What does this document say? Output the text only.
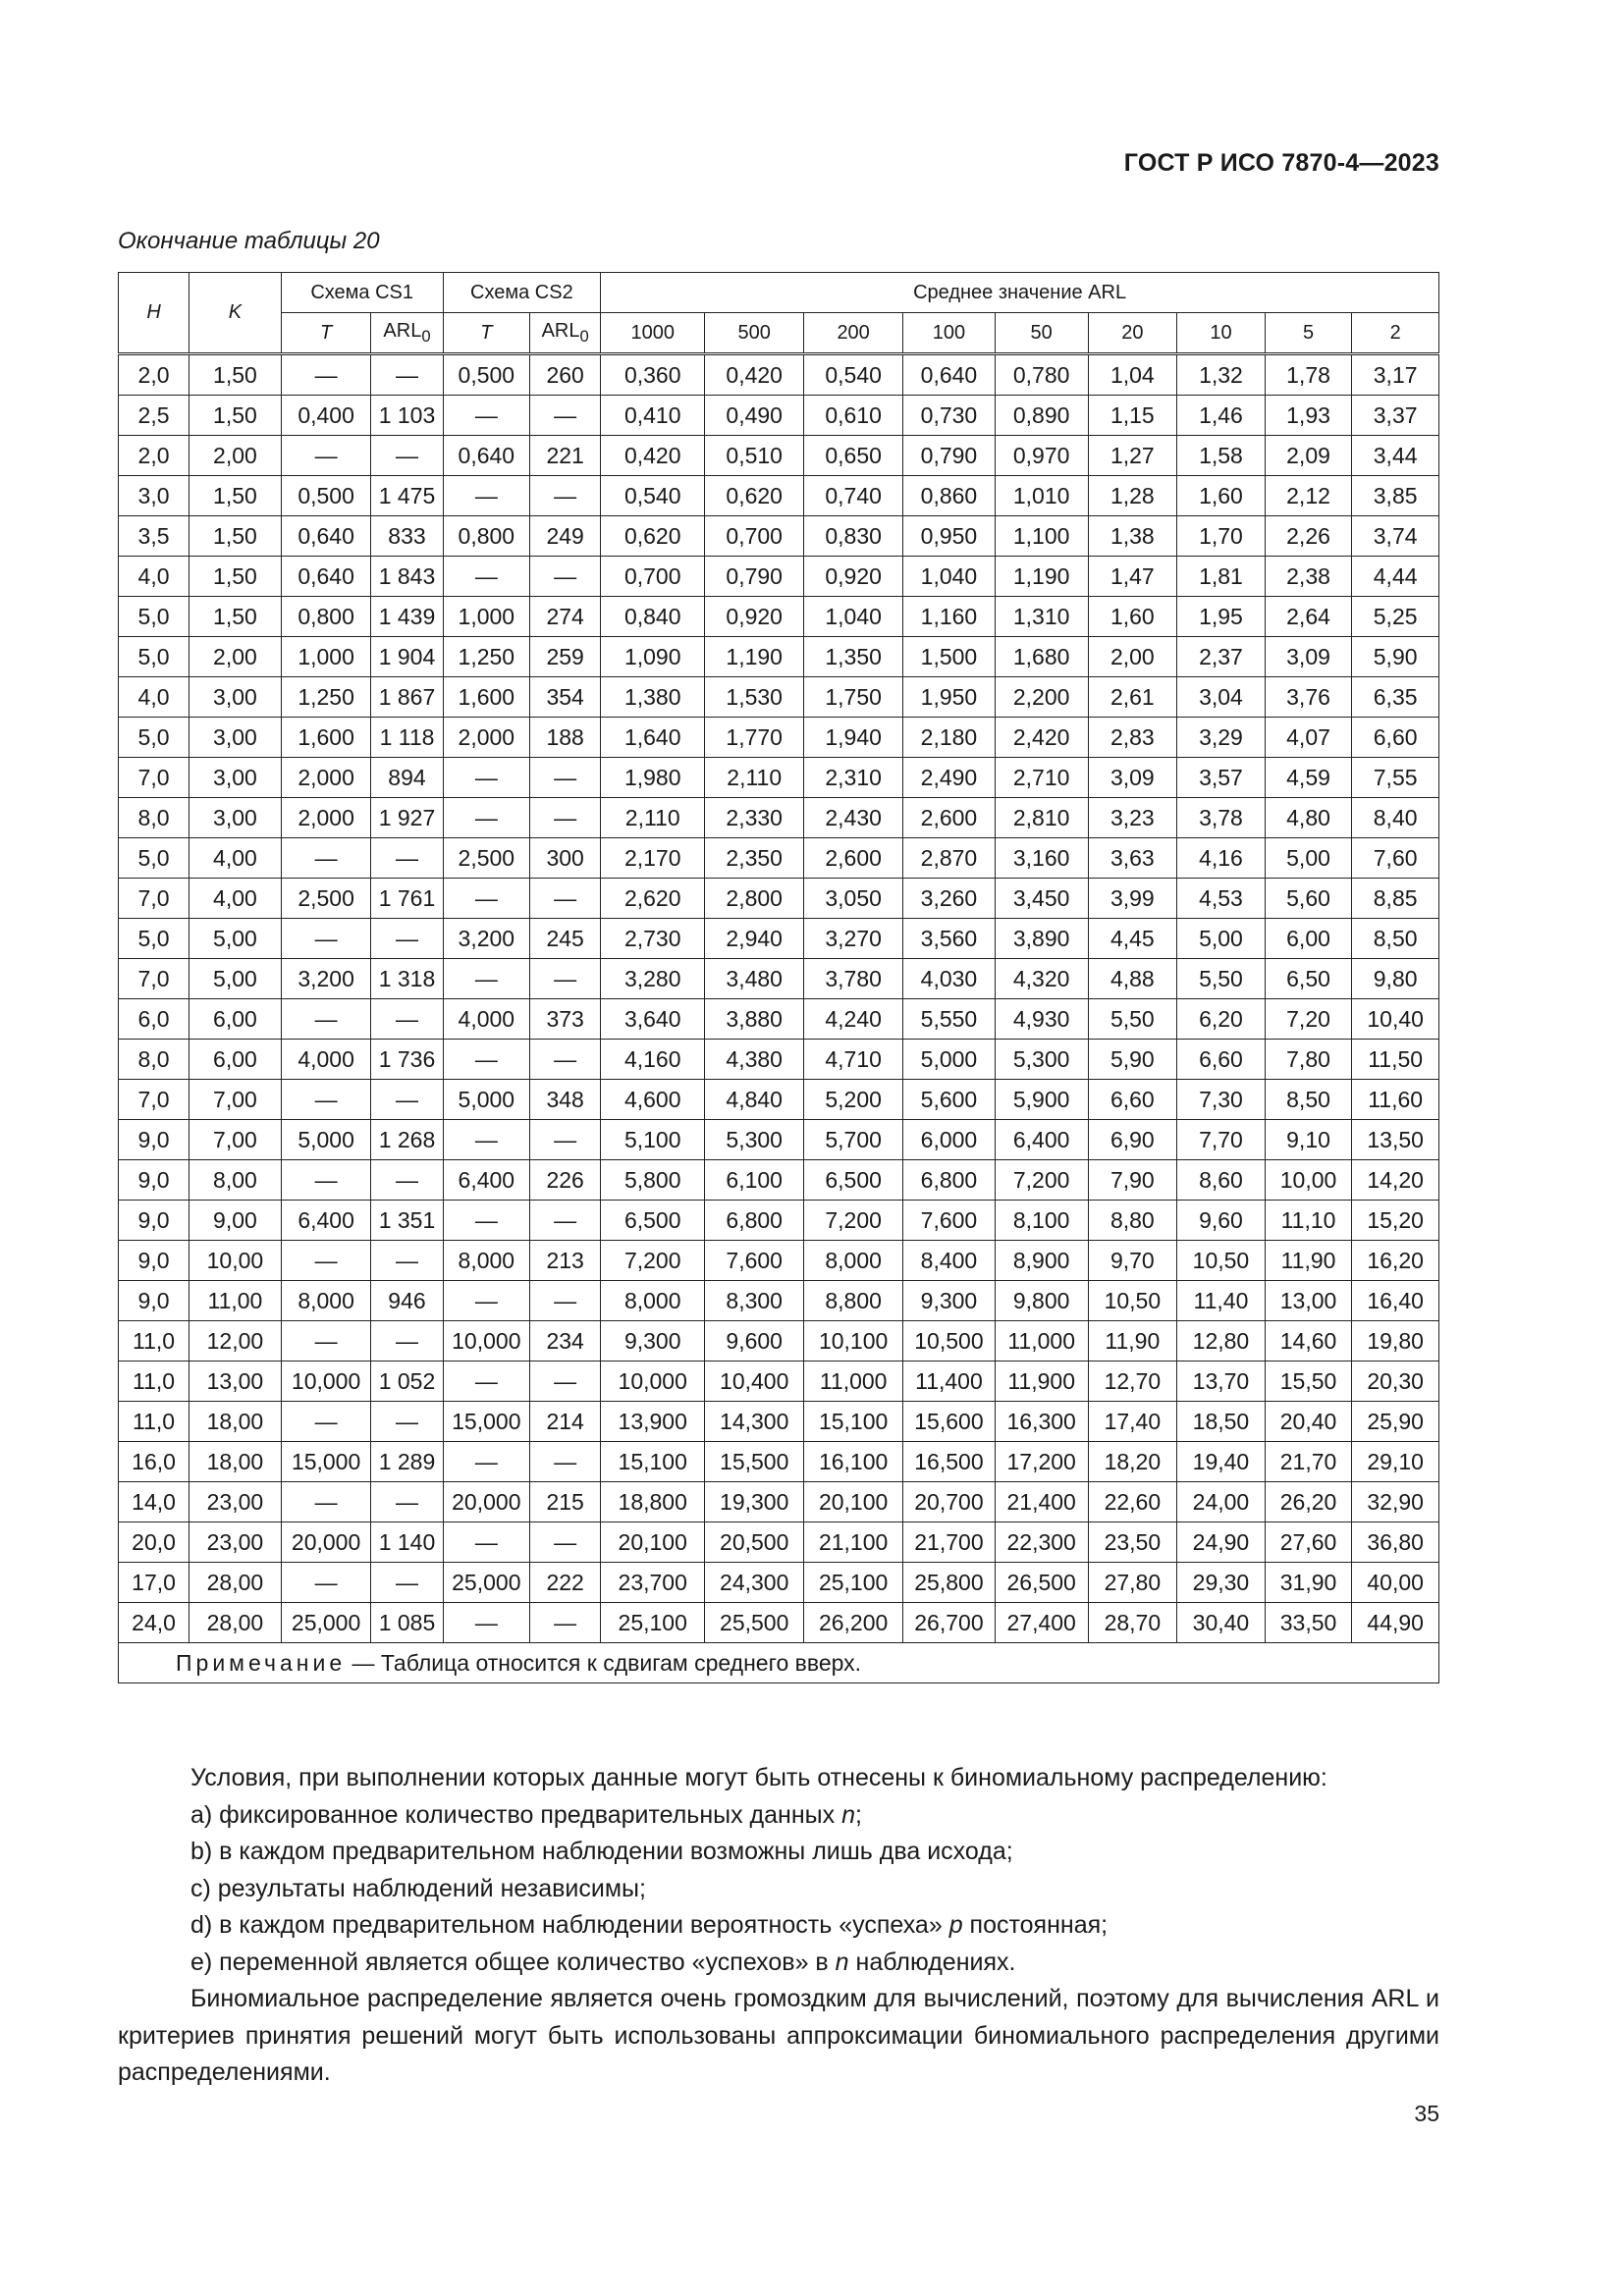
ГОСТ Р ИСО 7870-4—2023
Окончание таблицы 20
H	K	Схема CS1		Схема CS2		Среднее значение ARL								
		T	$ARL_0$	T	$ARL_0$	1000	500	200	100	50	20	10	5	2
2,0	1,50	—	—	0,500	260	0,360	0,420	0,540	0,640	0,780	1,04	1,32	1,78	3,17
2,5	1,50	0,400	1 103	—	—	0,410	0,490	0,610	0,730	0,890	1,15	1,46	1,93	3,37
2,0	2,00	—	—	0,640	221	0,420	0,510	0,650	0,790	0,970	1,27	1,58	2,09	3,44
3,0	1,50	0,500	1 475	—	—	0,540	0,620	0,740	0,860	1,010	1,28	1,60	2,12	3,85
3,5	1,50	0,640	833	0,800	249	0,620	0,700	0,830	0,950	1,100	1,38	1,70	2,26	3,74
4,0	1,50	0,640	1 843	—	—	0,700	0,790	0,920	1,040	1,190	1,47	1,81	2,38	4,44
5,0	1,50	0,800	1 439	1,000	274	0,840	0,920	1,040	1,160	1,310	1,60	1,95	2,64	5,25
5,0	2,00	1,000	1 904	1,250	259	1,090	1,190	1,350	1,500	1,680	2,00	2,37	3,09	5,90
4,0	3,00	1,250	1 867	1,600	354	1,380	1,530	1,750	1,950	2,200	2,61	3,04	3,76	6,35
5,0	3,00	1,600	1 118	2,000	188	1,640	1,770	1,940	2,180	2,420	2,83	3,29	4,07	6,60
7,0	3,00	2,000	894	—	—	1,980	2,110	2,310	2,490	2,710	3,09	3,57	4,59	7,55
8,0	3,00	2,000	1 927	—	—	2,110	2,330	2,430	2,600	2,810	3,23	3,78	4,80	8,40
5,0	4,00	—	—	2,500	300	2,170	2,350	2,600	2,870	3,160	3,63	4,16	5,00	7,60
7,0	4,00	2,500	1 761	—	—	2,620	2,800	3,050	3,260	3,450	3,99	4,53	5,60	8,85
5,0	5,00	—	—	3,200	245	2,730	2,940	3,270	3,560	3,890	4,45	5,00	6,00	8,50
7,0	5,00	3,200	1 318	—	—	3,280	3,480	3,780	4,030	4,320	4,88	5,50	6,50	9,80
6,0	6,00	—	—	4,000	373	3,640	3,880	4,240	5,550	4,930	5,50	6,20	7,20	10,40
8,0	6,00	4,000	1 736	—	—	4,160	4,380	4,710	5,000	5,300	5,90	6,60	7,80	11,50
7,0	7,00	—	—	5,000	348	4,600	4,840	5,200	5,600	5,900	6,60	7,30	8,50	11,60
9,0	7,00	5,000	1 268	—	—	5,100	5,300	5,700	6,000	6,400	6,90	7,70	9,10	13,50
9,0	8,00	—	—	6,400	226	5,800	6,100	6,500	6,800	7,200	7,90	8,60	10,00	14,20
9,0	9,00	6,400	1 351	—	—	6,500	6,800	7,200	7,600	8,100	8,80	9,60	11,10	15,20
9,0	10,00	—	—	8,000	213	7,200	7,600	8,000	8,400	8,900	9,70	10,50	11,90	16,20
9,0	11,00	8,000	946	—	—	8,000	8,300	8,800	9,300	9,800	10,50	11,40	13,00	16,40
11,0	12,00	—	—	10,000	234	9,300	9,600	10,100	10,500	11,000	11,90	12,80	14,60	19,80
11,0	13,00	10,000	1 052	—	—	10,000	10,400	11,000	11,400	11,900	12,70	13,70	15,50	20,30
11,0	18,00	—	—	15,000	214	13,900	14,300	15,100	15,600	16,300	17,40	18,50	20,40	25,90
16,0	18,00	15,000	1 289	—	—	15,100	15,500	16,100	16,500	17,200	18,20	19,40	21,70	29,10
14,0	23,00	—	—	20,000	215	18,800	19,300	20,100	20,700	21,400	22,60	24,00	26,20	32,90
20,0	23,00	20,000	1 140	—	—	20,100	20,500	21,100	21,700	22,300	23,50	24,90	27,60	36,80
17,0	28,00	—	—	25,000	222	23,700	24,300	25,100	25,800	26,500	27,80	29,30	31,90	40,00
24,0	28,00	25,000	1 085	—	—	25,100	25,500	26,200	26,700	27,400	28,70	30,40	33,50	44,90
Примечание — Таблица относится к сдвигам среднего вверх.														

Условия, при выполнении которых данные могут быть отнесены к биномиальному распределению:

а) фиксированное количество предварительных данных n;

b) в каждом предварительном наблюдении возможны лишь два исхода;

c) результаты наблюдений независимы;

d) в каждом предварительном наблюдении вероятность «успеха» p постоянная;

e) переменной является общее количество «успехов» в n наблюдениях.

Биномиальное распределение является очень громоздким для вычислений, поэтому для вычисления ARL и критериев принятия решений могут быть использованы аппроксимации биномиального распределения другими распределениями.

35
